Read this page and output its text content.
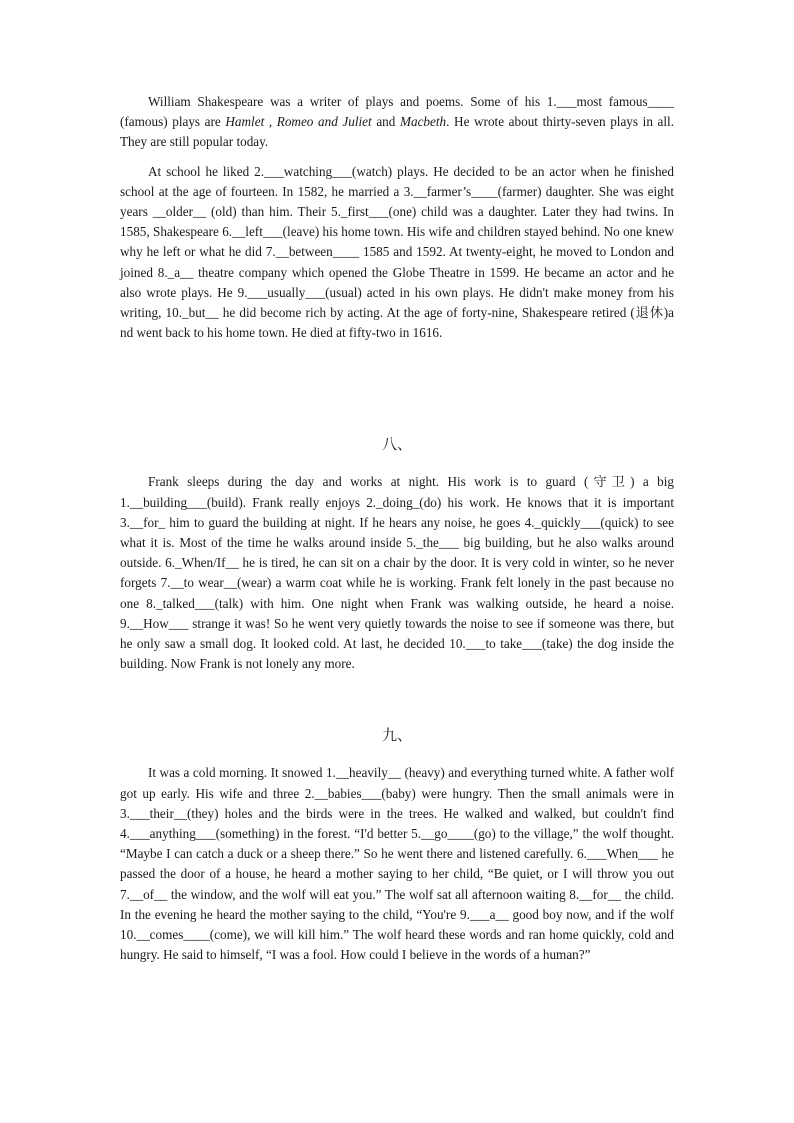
William Shakespeare was a writer of plays and poems. Some of his 1.___most famous____ (famous) plays are Hamlet , Romeo and Juliet and Macbeth. He wrote about thirty-seven plays in all. They are still popular today.

At school he liked 2.___watching___(watch) plays. He decided to be an actor when he finished school at the age of fourteen. In 1582, he married a 3.__farmer’s____(farmer) daughter. She was eight years __older__ (old) than him. Their 5._first___(one) child was a daughter. Later they had twins. In 1585, Shakespeare 6.__left___(leave) his home town. His wife and children stayed behind. No one knew why he left or what he did 7.__between____ 1585 and 1592. At twenty-eight, he moved to London and joined 8._a__ theatre company which opened the Globe Theatre in 1599. He became an actor and he also wrote plays. He 9.___usually___(usual) acted in his own plays. He didn't make money from his writing, 10._but__ he did become rich by acting. At the age of forty-nine, Shakespeare retired (退休)a nd went back to his home town. He died at fifty-two in 1616.

八、

Frank sleeps during the day and works at night. His work is to guard (守卫) a big 1.__building___(build). Frank really enjoys 2._doing_(do) his work. He knows that it is important 3.__for_ him to guard the building at night. If he hears any noise, he goes 4._quickly___(quick) to see what it is. Most of the time he walks around inside 5._the___ big building, but he also walks around outside. 6._When/If__ he is tired, he can sit on a chair by the door. It is very cold in winter, so he never forgets 7.__to wear__(wear) a warm coat while he is working. Frank felt lonely in the past because no one 8._talked___(talk) with him. One night when Frank was walking outside, he heard a noise. 9.__How___ strange it was! So he went very quietly towards the noise to see if someone was there, but he only saw a small dog. It looked cold. At last, he decided 10.___to take___(take) the dog inside the building. Now Frank is not lonely any more.

九、

It was a cold morning. It snowed 1.__heavily__ (heavy) and everything turned white. A father wolf got up early. His wife and three 2.__babies___(baby) were hungry. Then the small animals were in 3.___their__(they) holes and the birds were in the trees. He walked and walked, but couldn't find 4.___anything___(something) in the forest. “I'd better 5.__go____(go) to the village,” the wolf thought. “Maybe I can catch a duck or a sheep there.” So he went there and listened carefully. 6.___When___ he passed the door of a house, he heard a mother saying to her child, “Be quiet, or I will throw you out 7.__of__ the window, and the wolf will eat you.” The wolf sat all afternoon waiting 8.__for__ the child. In the evening he heard the mother saying to the child, “You're 9.___a__ good boy now, and if the wolf 10.__comes____(come), we will kill him.” The wolf heard these words and ran home quickly, cold and hungry. He said to himself, “I was a fool. How could I believe in the words of a human?”
